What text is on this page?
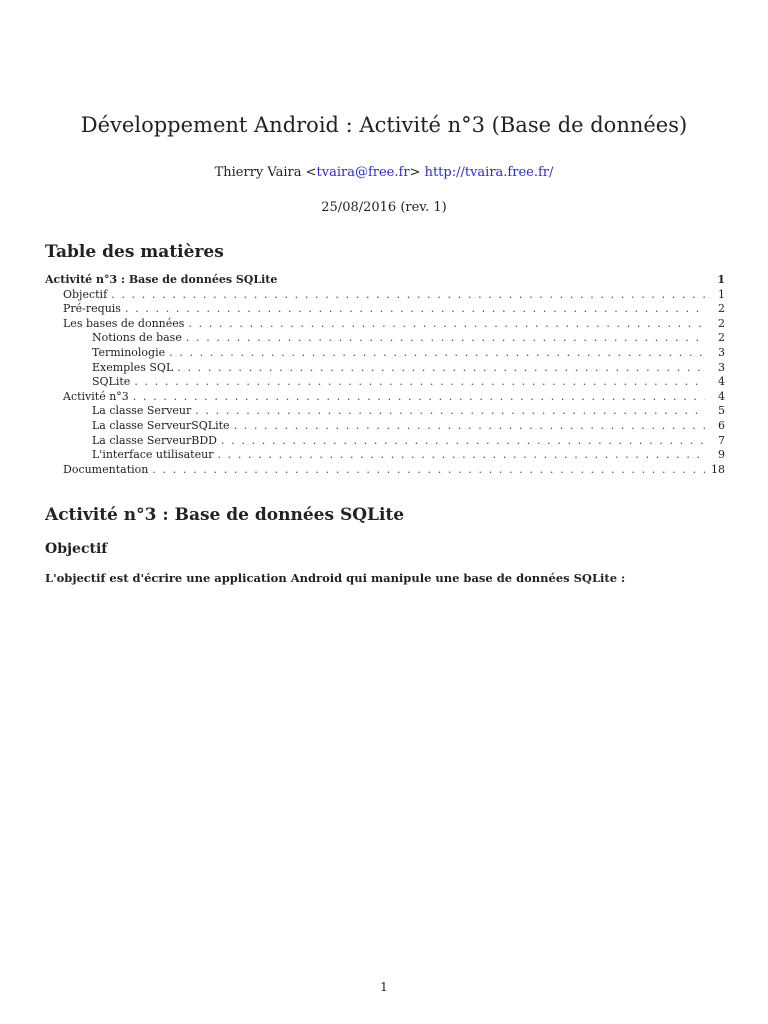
Développement Android : Activité n°3 (Base de données)
Thierry Vaira <tvaira@free.fr> http://tvaira.free.fr/
25/08/2016 (rev. 1)
Table des matières
Activité n°3 : Base de données SQLite	1
Objectif . . .	1
Pré-requis . . .	2
Les bases de données . . .	2
Notions de base . . .	2
Terminologie . . .	3
Exemples SQL . . .	3
SQLite . . .	4
Activité n°3 . . .	4
La classe Serveur . . .	5
La classe ServeurSQLite . . .	6
La classe ServeurBDD . . .	7
L'interface utilisateur . . .	9
Documentation . . .	18
Activité n°3 : Base de données SQLite
Objectif

L'objectif est d'écrire une application Android qui manipule une base de données SQLite :

1
